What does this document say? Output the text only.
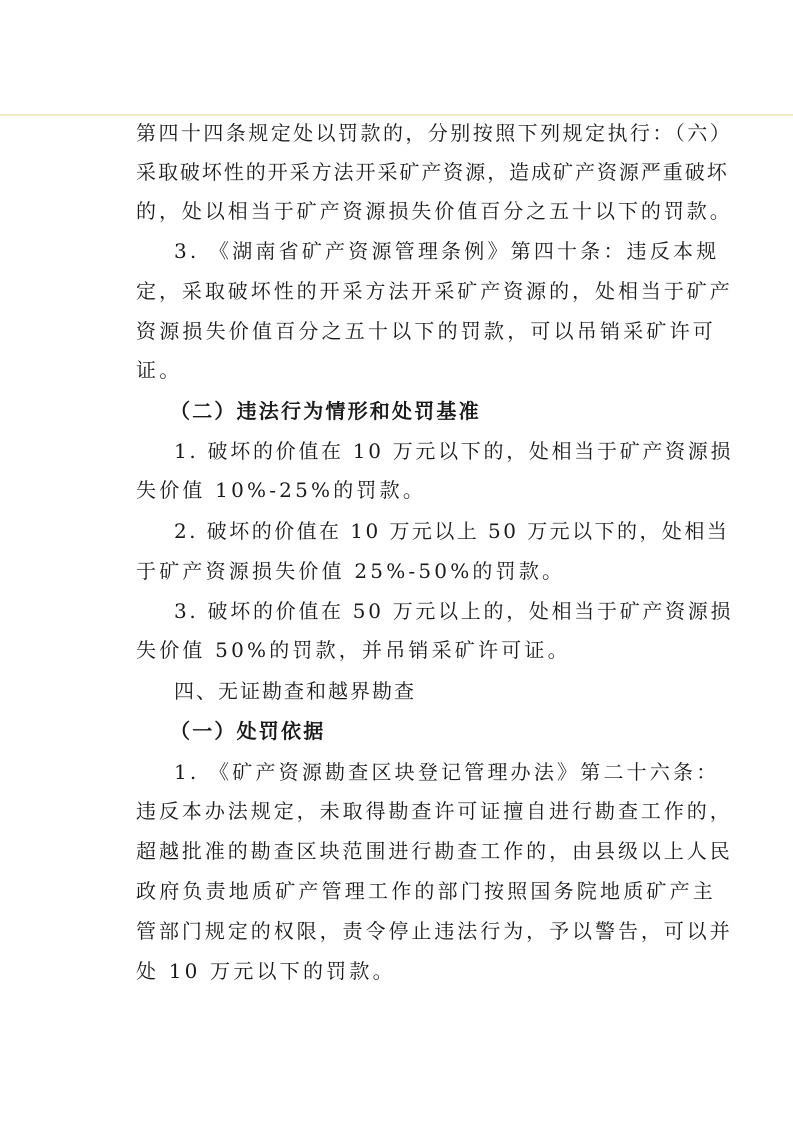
第四十四条规定处以罚款的，分别按照下列规定执行：（六）
采取破坏性的开采方法开采矿产资源，造成矿产资源严重破坏
的，处以相当于矿产资源损失价值百分之五十以下的罚款。
3. 《湖南省矿产资源管理条例》第四十条：违反本规
定，采取破坏性的开采方法开采矿产资源的，处相当于矿产
资源损失价值百分之五十以下的罚款，可以吊销采矿许可
证。
（二）违法行为情形和处罚基准
1. 破坏的价值在 10 万元以下的，处相当于矿产资源损
失价值 10%-25%的罚款。
2. 破坏的价值在 10 万元以上 50 万元以下的，处相当
于矿产资源损失价值 25%-50%的罚款。
3. 破坏的价值在 50 万元以上的，处相当于矿产资源损
失价值 50%的罚款，并吊销采矿许可证。
四、无证勘查和越界勘查
（一）处罚依据
1. 《矿产资源勘查区块登记管理办法》第二十六条：
违反本办法规定，未取得勘查许可证擅自进行勘查工作的，
超越批准的勘查区块范围进行勘查工作的，由县级以上人民
政府负责地质矿产管理工作的部门按照国务院地质矿产主
管部门规定的权限，责令停止违法行为，予以警告，可以并
处 10 万元以下的罚款。
